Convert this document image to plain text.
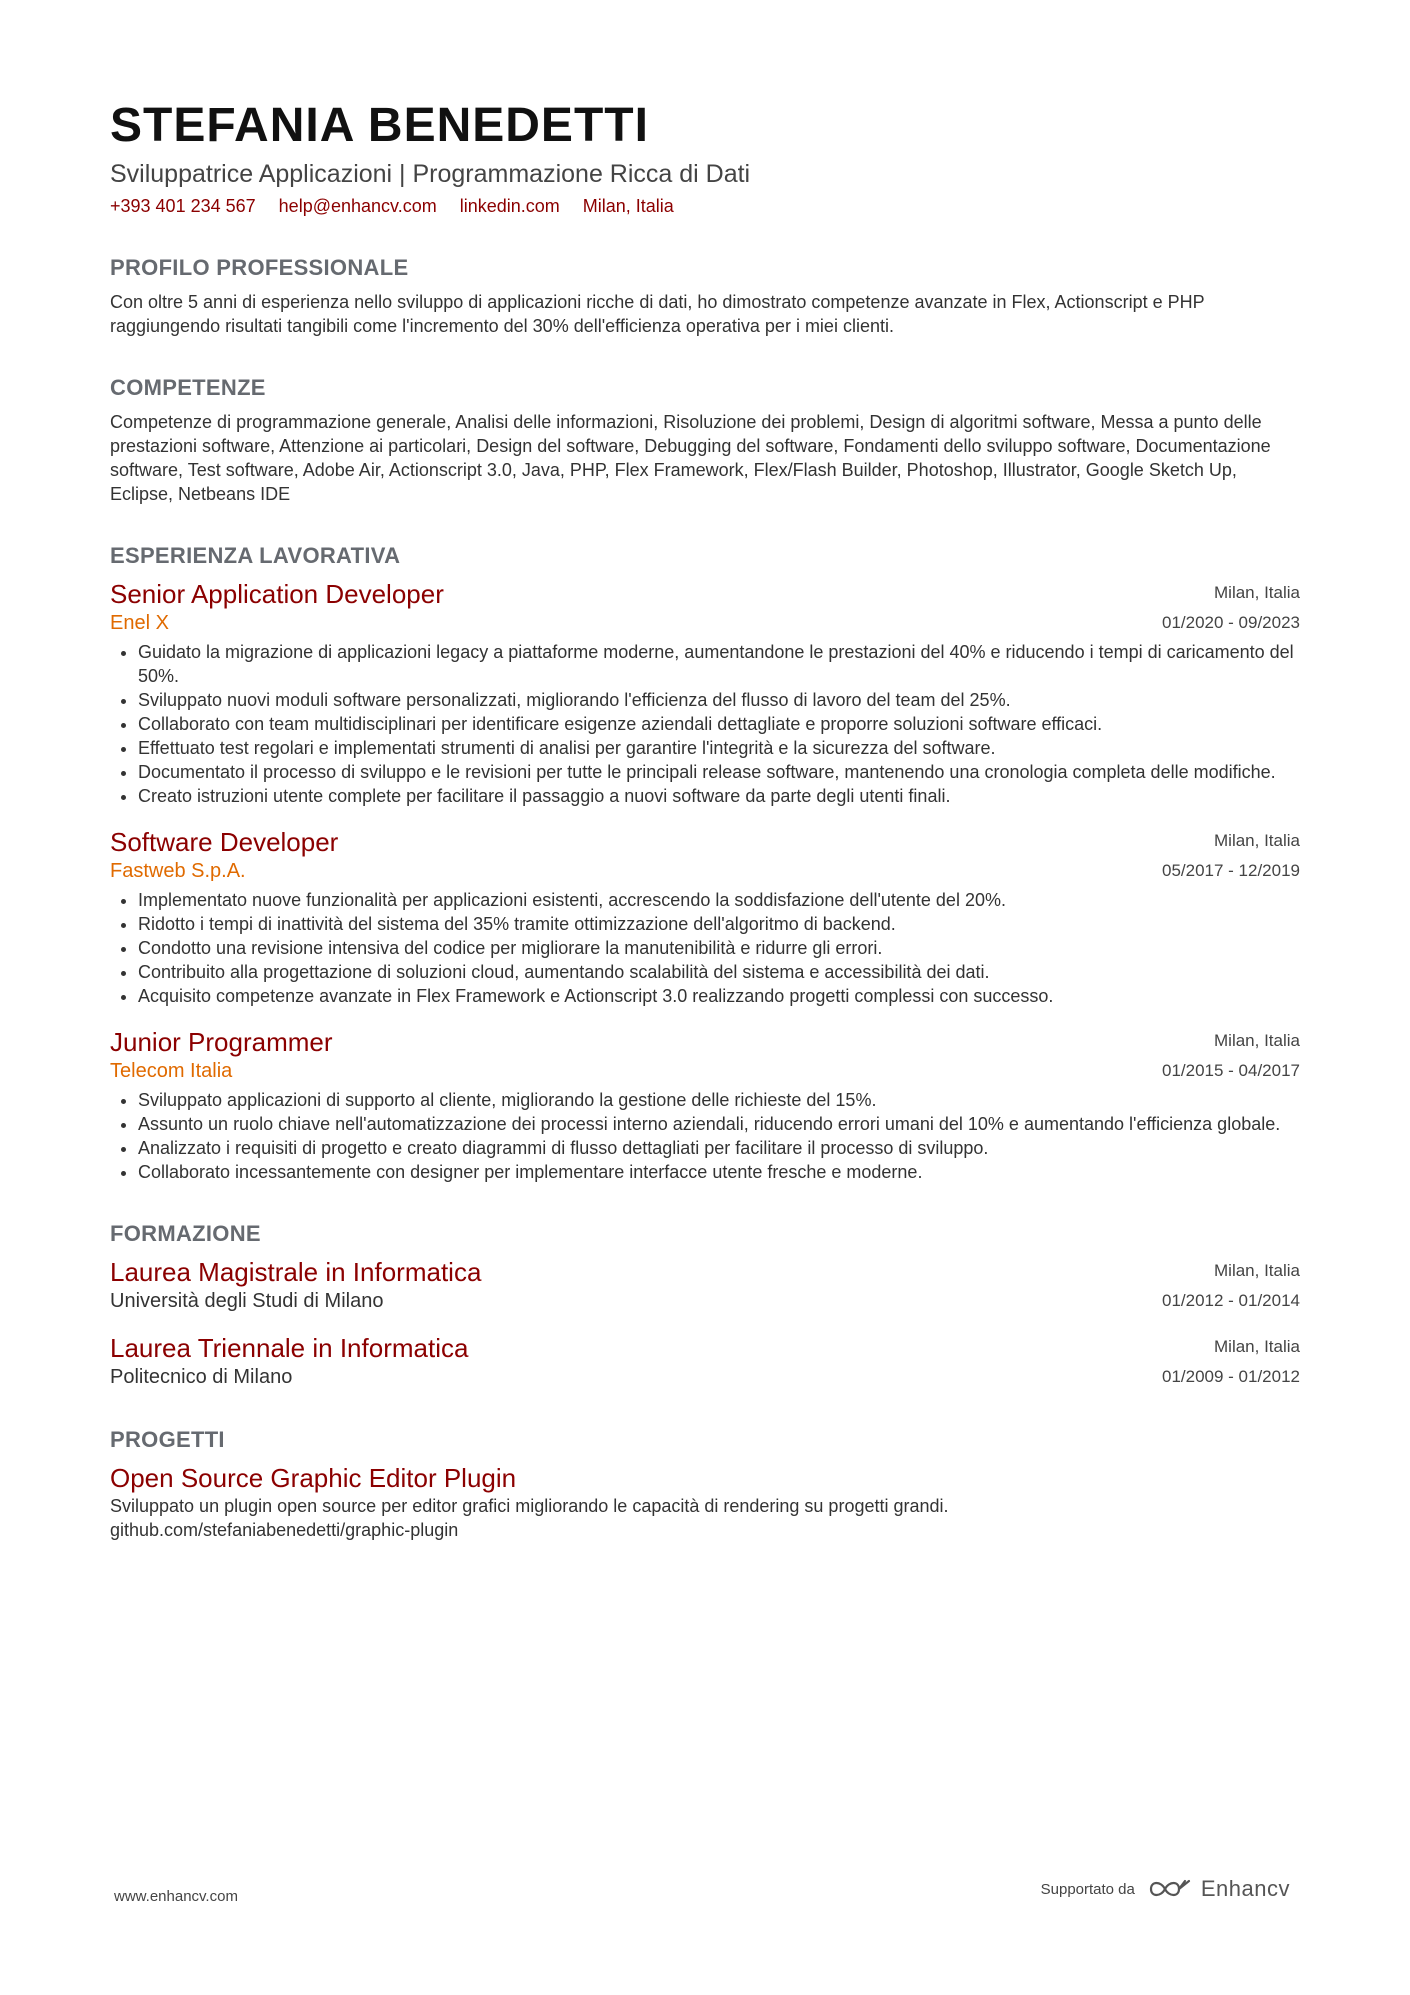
STEFANIA BENEDETTI
Sviluppatrice Applicazioni | Programmazione Ricca di Dati
+393 401 234 567 help@enhancv.com linkedin.com Milan, Italia
PROFILO PROFESSIONALE
Con oltre 5 anni di esperienza nello sviluppo di applicazioni ricche di dati, ho dimostrato competenze avanzate in Flex, Actionscript e PHP raggiungendo risultati tangibili come l'incremento del 30% dell'efficienza operativa per i miei clienti.
COMPETENZE
Competenze di programmazione generale, Analisi delle informazioni, Risoluzione dei problemi, Design di algoritmi software, Messa a punto delle prestazioni software, Attenzione ai particolari, Design del software, Debugging del software, Fondamenti dello sviluppo software, Documentazione software, Test software, Adobe Air, Actionscript 3.0, Java, PHP, Flex Framework, Flex/Flash Builder, Photoshop, Illustrator, Google Sketch Up, Eclipse, Netbeans IDE
ESPERIENZA LAVORATIVA
Senior Application Developer
Enel X
Milan, Italia
01/2020 - 09/2023
• Guidato la migrazione di applicazioni legacy a piattaforme moderne, aumentandone le prestazioni del 40% e riducendo i tempi di caricamento del 50%.
• Sviluppato nuovi moduli software personalizzati, migliorando l'efficienza del flusso di lavoro del team del 25%.
• Collaborato con team multidisciplinari per identificare esigenze aziendali dettagliate e proporre soluzioni software efficaci.
• Effettuato test regolari e implementati strumenti di analisi per garantire l'integrità e la sicurezza del software.
• Documentato il processo di sviluppo e le revisioni per tutte le principali release software, mantenendo una cronologia completa delle modifiche.
• Creato istruzioni utente complete per facilitare il passaggio a nuovi software da parte degli utenti finali.
Software Developer
Fastweb S.p.A.
Milan, Italia
05/2017 - 12/2019
• Implementato nuove funzionalità per applicazioni esistenti, accrescendo la soddisfazione dell'utente del 20%.
• Ridotto i tempi di inattività del sistema del 35% tramite ottimizzazione dell'algoritmo di backend.
• Condotto una revisione intensiva del codice per migliorare la manutenibilità e ridurre gli errori.
• Contribuito alla progettazione di soluzioni cloud, aumentando scalabilità del sistema e accessibilità dei dati.
• Acquisito competenze avanzate in Flex Framework e Actionscript 3.0 realizzando progetti complessi con successo.
Junior Programmer
Telecom Italia
Milan, Italia
01/2015 - 04/2017
• Sviluppato applicazioni di supporto al cliente, migliorando la gestione delle richieste del 15%.
• Assunto un ruolo chiave nell'automatizzazione dei processi interno aziendali, riducendo errori umani del 10% e aumentando l'efficienza globale.
• Analizzato i requisiti di progetto e creato diagrammi di flusso dettagliati per facilitare il processo di sviluppo.
• Collaborato incessantemente con designer per implementare interfacce utente fresche e moderne.
FORMAZIONE
Laurea Magistrale in Informatica
Università degli Studi di Milano
Milan, Italia
01/2012 - 01/2014
Laurea Triennale in Informatica
Politecnico di Milano
Milan, Italia
01/2009 - 01/2012
PROGETTI
Open Source Graphic Editor Plugin
Sviluppato un plugin open source per editor grafici migliorando le capacità di rendering su progetti grandi.
github.com/stefaniabenedetti/graphic-plugin
www.enhancv.com	Supportato da	Enhancv
